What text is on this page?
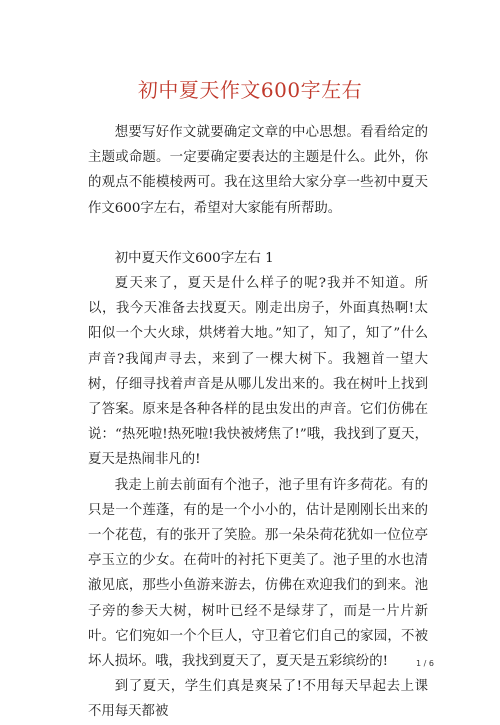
初中夏天作文600字左右

想要写好作文就要确定文章的中心思想。看看给定的主题或命题。一定要确定要表达的主题是什么。此外，你的观点不能模棱两可。我在这里给大家分享一些初中夏天作文600字左右，希望对大家能有所帮助。

初中夏天作文600字左右 1

夏天来了，夏天是什么样子的呢?我并不知道。所以，我今天准备去找夏天。刚走出房子，外面真热啊!太阳似一个大火球，烘烤着大地。”知了，知了，知了”什么声音?我闻声寻去，来到了一棵大树下。我翘首一望大树，仔细寻找着声音是从哪儿发出来的。我在树叶上找到了答案。原来是各种各样的昆虫发出的声音。它们仿佛在说：“热死啦!热死啦!我快被烤焦了!”哦，我找到了夏天，夏天是热闹非凡的!

我走上前去前面有个池子，池子里有许多荷花。有的只是一个莲蓬，有的是一个小小的，估计是刚刚长出来的一个花苞，有的张开了笑脸。那一朵朵荷花犹如一位位亭亭玉立的少女。在荷叶的衬托下更美了。池子里的水也清澈见底，那些小鱼游来游去，仿佛在欢迎我们的到来。池子旁的参天大树，树叶已经不是绿芽了，而是一片片新叶。它们宛如一个个巨人，守卫着它们自己的家园，不被坏人损坏。哦，我找到夏天了，夏天是五彩缤纷的!

到了夏天，学生们真是爽呆了!不用每天早起去上课不用每天都被

1 / 6
